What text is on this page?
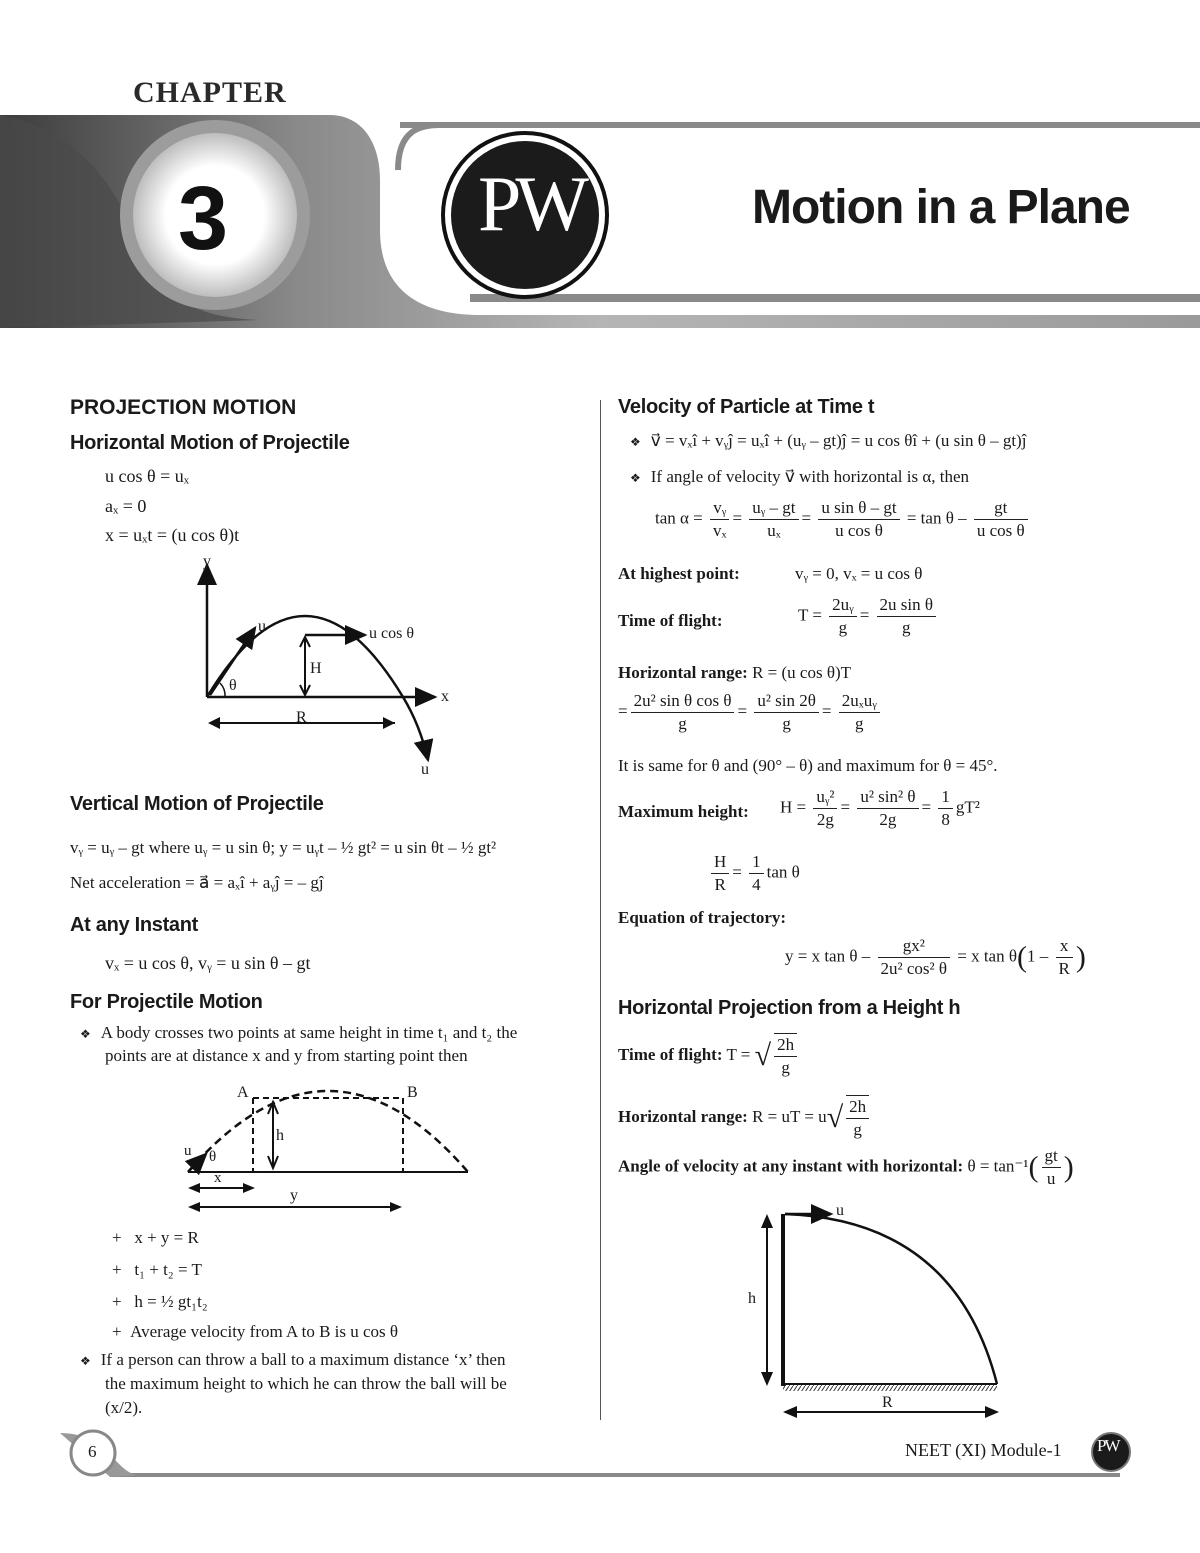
CHAPTER
3	PW	Motion in a Plane
PROJECTION MOTION
Horizontal Motion of Projectile
u cos θ = uₓ
aₓ = 0
x = uₓt = (u cos θ)t
y
x
u	u cos θ
H
θ
R
u
Vertical Motion of Projectile
vᵧ = uᵧ – gt where uᵧ = u sin θ; y = uᵧt – ½ gt² = u sin θt – ½ gt²
Net acceleration = a⃗ = aₓî + aᵧĵ = – gĵ
At any Instant
vₓ = u cos θ, vᵧ = u sin θ – gt
For Projectile Motion
❖ A body crosses two points at same height in time t₁ and t₂ the
points are at distance x and y from starting point then
A	B
h
u θ
x
y
+   x + y = R
+   t₁ + t₂ = T
+   h = ½ gt₁t₂
+  Average velocity from A to B is u cos θ
❖ If a person can throw a ball to a maximum distance ‘x’ then
the maximum height to which he can throw the ball will be
(x/2).
Velocity of Particle at Time t
❖ v⃗ = vₓî + vᵧĵ = uₓî + (uᵧ – gt)ĵ = u cos θî + (u sin θ – gt)ĵ
❖ If angle of velocity v⃗ with horizontal is α, then
$\tan \alpha = \frac{\text{vᵧ}}{\text{vₓ}} = \frac{\text{uᵧ – gt}}{\text{uₓ}} = \frac{\text{u sin θ – gt}}{\text{u cos θ}} = \tan \theta - \frac{gt}{\text{u cos θ}}$
At highest point:	vᵧ = 0, vₓ = u cos θ
Time of flight:	$T = \frac{\text{2uᵧ}}{g} = \frac{\text{2u sin θ}}{g}$
Horizontal range: R = (u cos θ)T
= $\frac{\text{2u² sin θ cos θ}}{g} = \frac{\text{u² sin 2θ}}{g} = \frac{\text{2uₓuᵧ}}{g}$
It is same for θ and (90° – θ) and maximum for θ = 45°.
Maximum height: $H = \frac{\text{uᵧ²}}{2g} = \frac{\text{u² sin² θ}}{2g} = \frac{1}{8} gT^2$
$\frac{H}{R} = \frac{1}{4}$ tan θ
Equation of trajectory:
y = x $\tan \theta - \frac{\text{gx²}}{\text{2u² cos² θ}} = x$ $\tan \theta(1 - \frac{x}{R}$ )
Horizontal Projection from a Height h
Time of flight: T = √ $\frac{2h}{g}$
Horizontal range: R = uT = $u√ \frac{2h}{g}$
Angle of velocity at any instant with horizontal: $\theta = \tan^{-1}( \frac{gt}{u}$ )
u
h
R
6	NEET (XI) Module-1 PW
